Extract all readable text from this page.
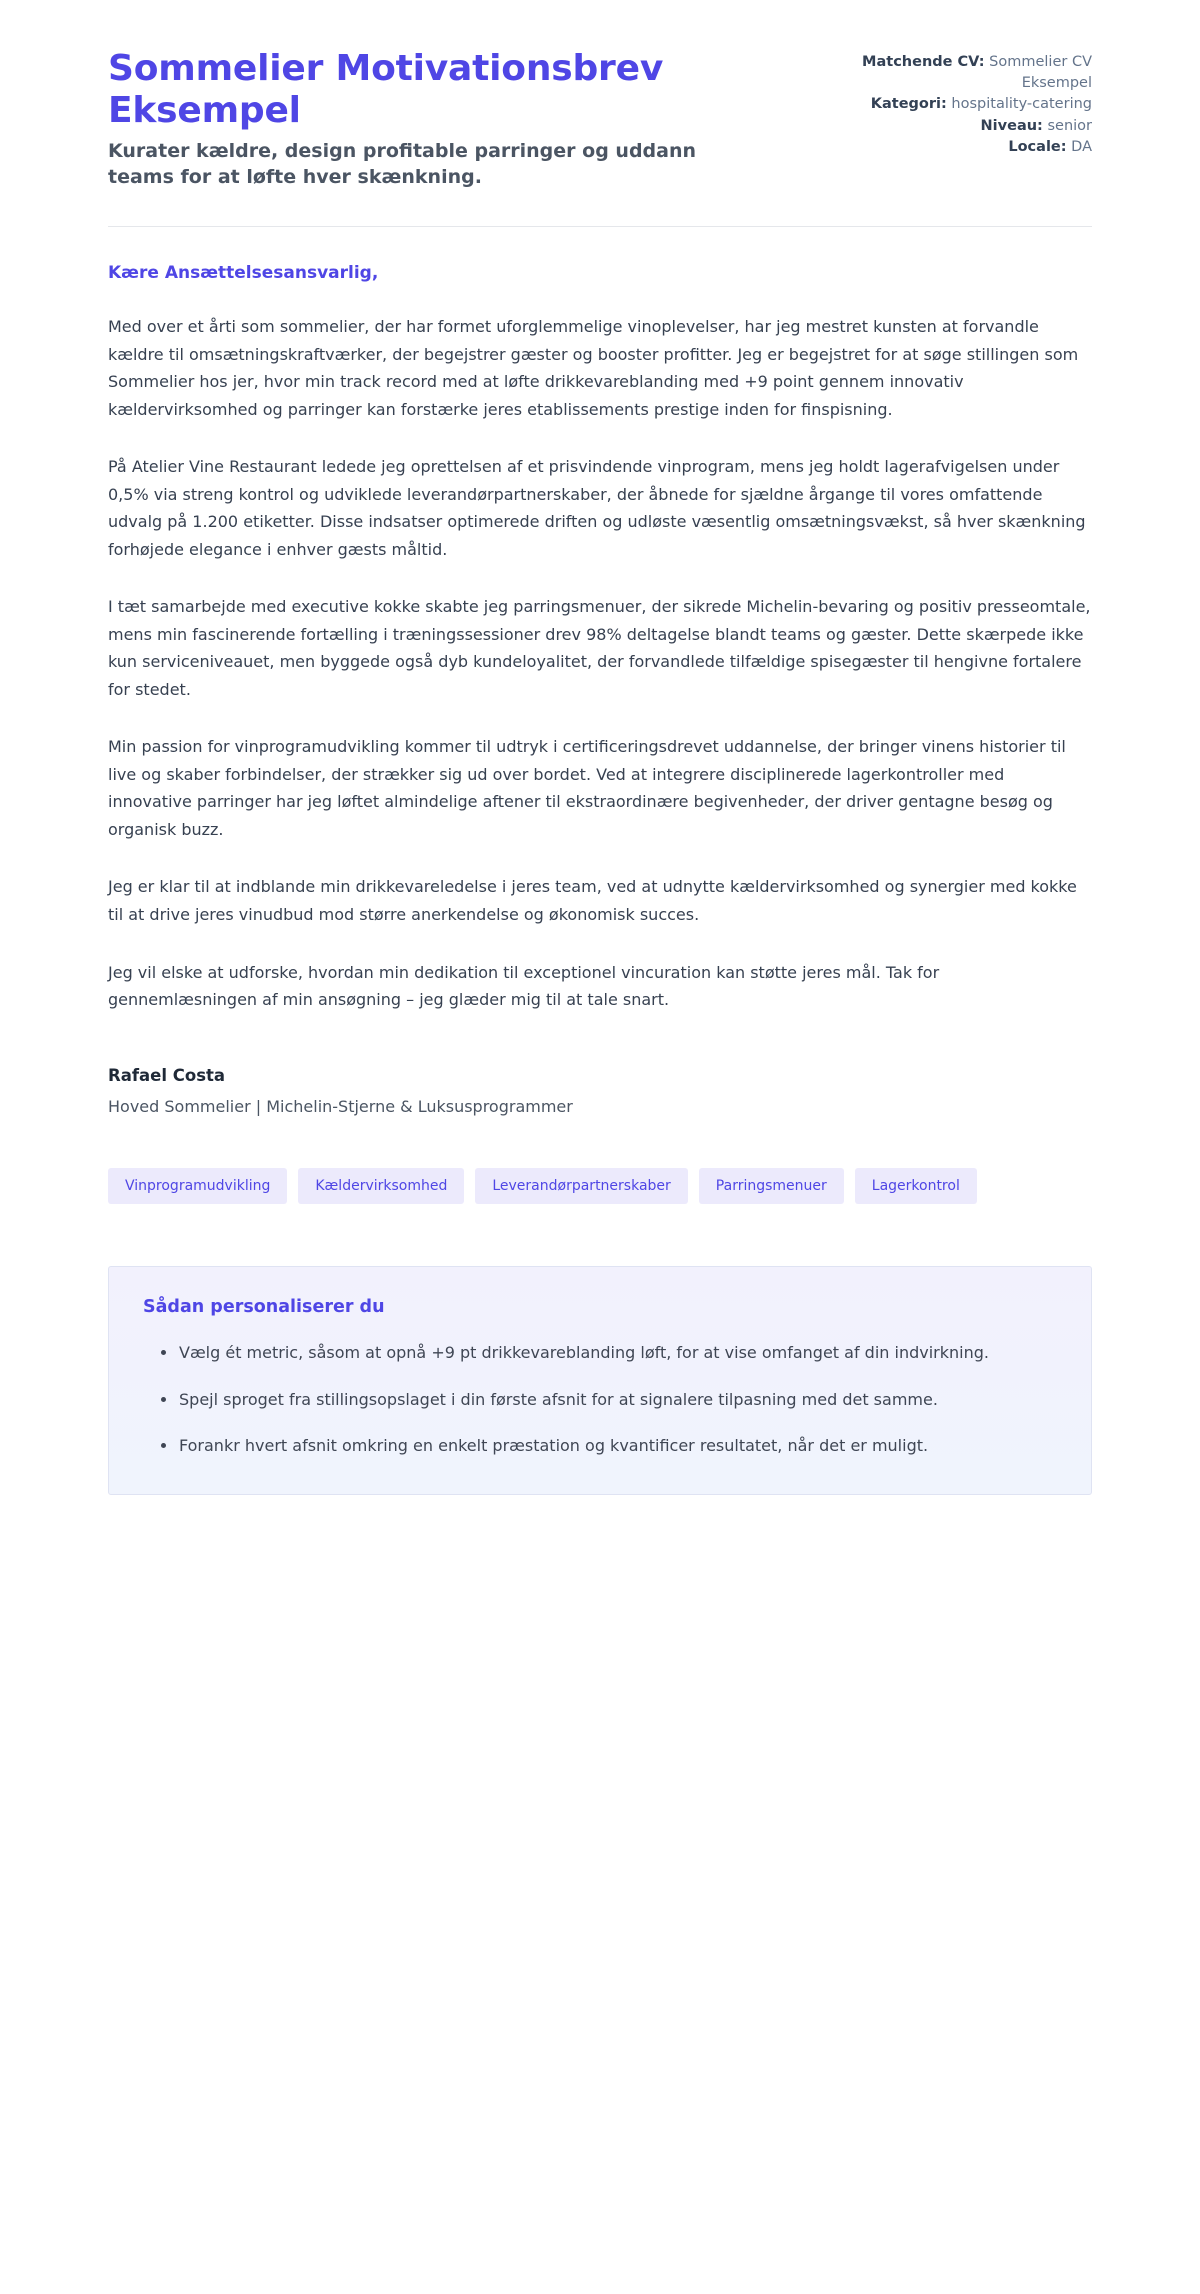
Sommelier Motivationsbrev Eksempel

Kurater kældre, design profitable parringer og uddann teams for at løfte hver skænkning.

Matchende CV: Sommelier CV Eksempel
Kategori: hospitality-catering
Niveau: senior
Locale: DA

Kære Ansættelsesansvarlig,

Med over et årti som sommelier, der har formet uforglemmelige vinoplevelser, har jeg mestret kunsten at forvandle kældre til omsætningskraftværker, der begejstrer gæster og booster profitter. Jeg er begejstret for at søge stillingen som Sommelier hos jer, hvor min track record med at løfte drikkevareblanding med +9 point gennem innovativ kældervirksomhed og parringer kan forstærke jeres etablissements prestige inden for finspisning.

På Atelier Vine Restaurant ledede jeg oprettelsen af et prisvindende vinprogram, mens jeg holdt lagerafvigelsen under 0,5% via streng kontrol og udviklede leverandørpartnerskaber, der åbnede for sjældne årgange til vores omfattende udvalg på 1.200 etiketter. Disse indsatser optimerede driften og udløste væsentlig omsætningsvækst, så hver skænkning forhøjede elegance i enhver gæsts måltid.

I tæt samarbejde med executive kokke skabte jeg parringsmenuer, der sikrede Michelin-bevaring og positiv presseomtale, mens min fascinerende fortælling i træningssessioner drev 98% deltagelse blandt teams og gæster. Dette skærpede ikke kun serviceniveauet, men byggede også dyb kundeloyalitet, der forvandlede tilfældige spisegæster til hengivne fortalere for stedet.

Min passion for vinprogramudvikling kommer til udtryk i certificeringsdrevet uddannelse, der bringer vinens historier til live og skaber forbindelser, der strækker sig ud over bordet. Ved at integrere disciplinerede lagerkontroller med innovative parringer har jeg løftet almindelige aftener til ekstraordinære begivenheder, der driver gentagne besøg og organisk buzz.

Jeg er klar til at indblande min drikkevareledelse i jeres team, ved at udnytte kældervirksomhed og synergier med kokke til at drive jeres vinudbud mod større anerkendelse og økonomisk succes.

Jeg vil elske at udforske, hvordan min dedikation til exceptionel vincuration kan støtte jeres mål. Tak for gennemlæsningen af min ansøgning – jeg glæder mig til at tale snart.

Rafael Costa

Hoved Sommelier | Michelin-Stjerne & Luksusprogrammer

Vinprogramudvikling	Kældervirksomhed	Leverandørpartnerskaber	Parringsmenuer	Lagerkontrol
Sådan personaliserer du
Vælg ét metric, såsom at opnå +9 pt drikkevareblanding løft, for at vise omfanget af din indvirkning.
Spejl sproget fra stillingsopslaget i din første afsnit for at signalere tilpasning med det samme.
Forankr hvert afsnit omkring en enkelt præstation og kvantificer resultatet, når det er muligt.
